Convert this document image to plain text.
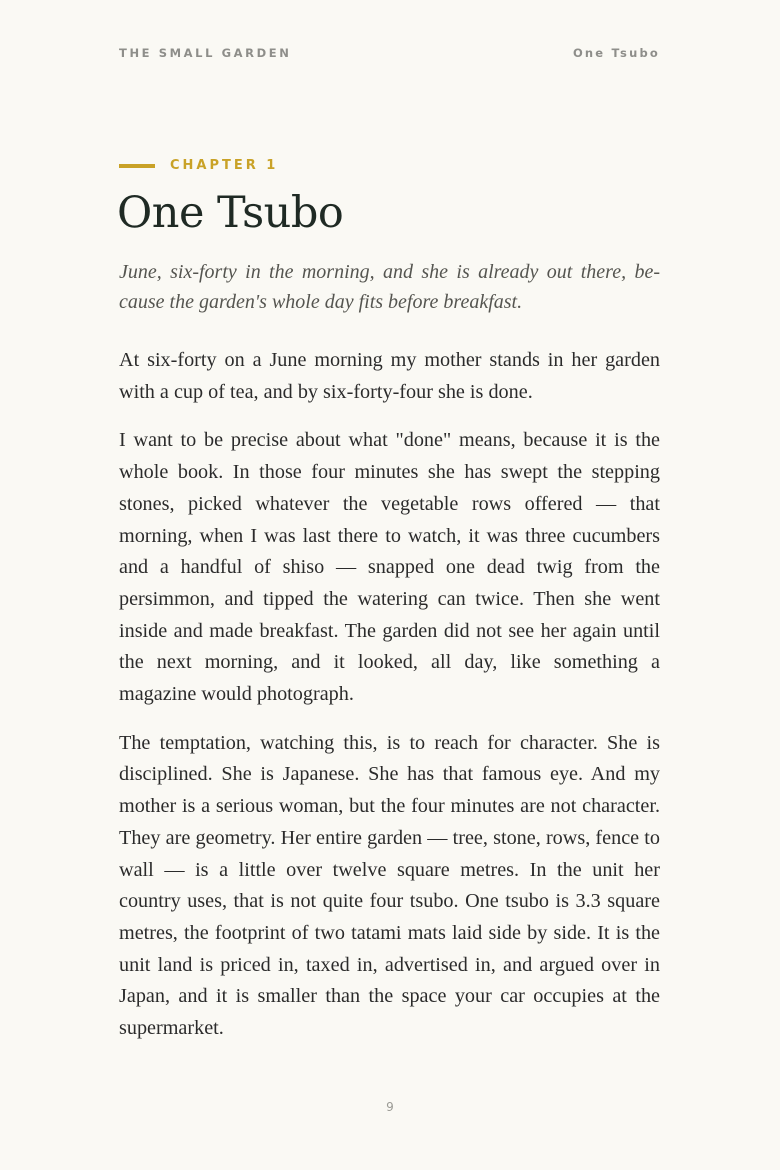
THE SMALL GARDEN	One Tsubo
CHAPTER 1
One Tsubo

June, six-forty in the morning, and she is already out there, because the garden's whole day fits before breakfast.

At six-forty on a June morning my mother stands in her garden with a cup of tea, and by six-forty-four she is done.

I want to be precise about what "done" means, because it is the whole book. In those four minutes she has swept the stepping stones, picked whatever the vegetable rows offered — that morning, when I was last there to watch, it was three cucumbers and a handful of shiso — snapped one dead twig from the persimmon, and tipped the watering can twice. Then she went inside and made breakfast. The garden did not see her again until the next morning, and it looked, all day, like something a magazine would photograph.

The temptation, watching this, is to reach for character. She is disciplined. She is Japanese. She has that famous eye. And my mother is a serious woman, but the four minutes are not character. They are geometry. Her entire garden — tree, stone, rows, fence to wall — is a little over twelve square metres. In the unit her country uses, that is not quite four tsubo. One tsubo is 3.3 square metres, the footprint of two tatami mats laid side by side. It is the unit land is priced in, taxed in, advertised in, and argued over in Japan, and it is smaller than the space your car occupies at the supermarket.

9
